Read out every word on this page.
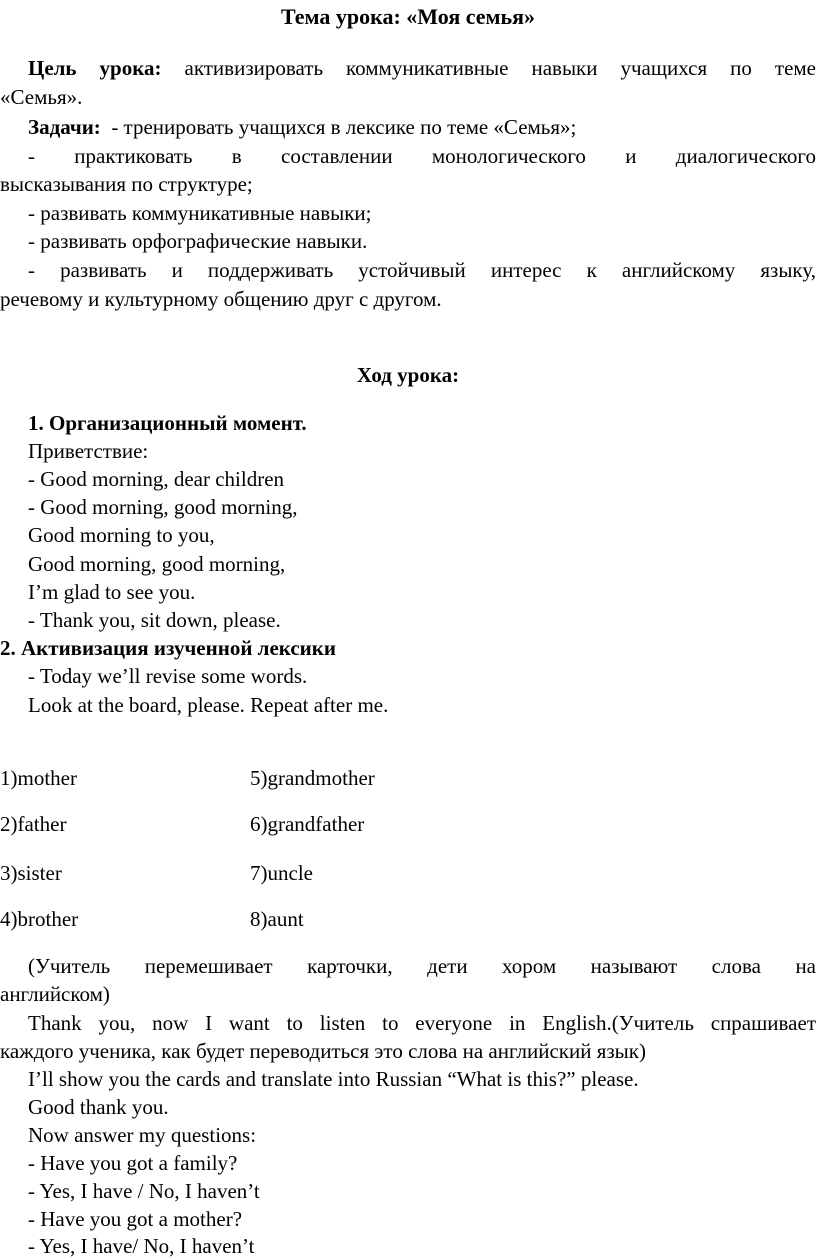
Тема урока: «Моя семья»
Цель урока: активизировать коммуникативные навыки учащихся по теме
«Семья».
Задачи: - тренировать учащихся в лексике по теме «Семья»;
- практиковать в составлении монологического и диалогического
высказывания по структуре;
- развивать коммуникативные навыки;
- развивать орфографические навыки.
- развивать и поддерживать устойчивый интерес к английскому языку,
речевому и культурному общению друг с другом.
Ход урока:
1. Организационный момент.
Приветствие:
- Good morning, dear children
- Good morning, good morning,
Good morning to you,
Good morning, good morning,
I’m glad to see you.
- Thank you, sit down, please.
2. Активизация изученной лексики
- Today we’ll revise some words.
Look at the board, please. Repeat after me.
1)mother
2)father
3)sister
4)brother
5)grandmother
6)grandfather
7)uncle
8)aunt
(Учитель перемешивает карточки, дети хором называют слова на
английском)
Thank you, now I want to listen to everyone in English.(Учитель спрашивает
каждого ученика, как будет переводиться это слова на английский язык)
I’ll show you the cards and translate into Russian “What is this?” please.
Good thank you.
Now answer my questions:
- Have you got a family?
- Yes, I have / No, I haven’t
- Have you got a mother?
- Yes, I have/ No, I haven’t
